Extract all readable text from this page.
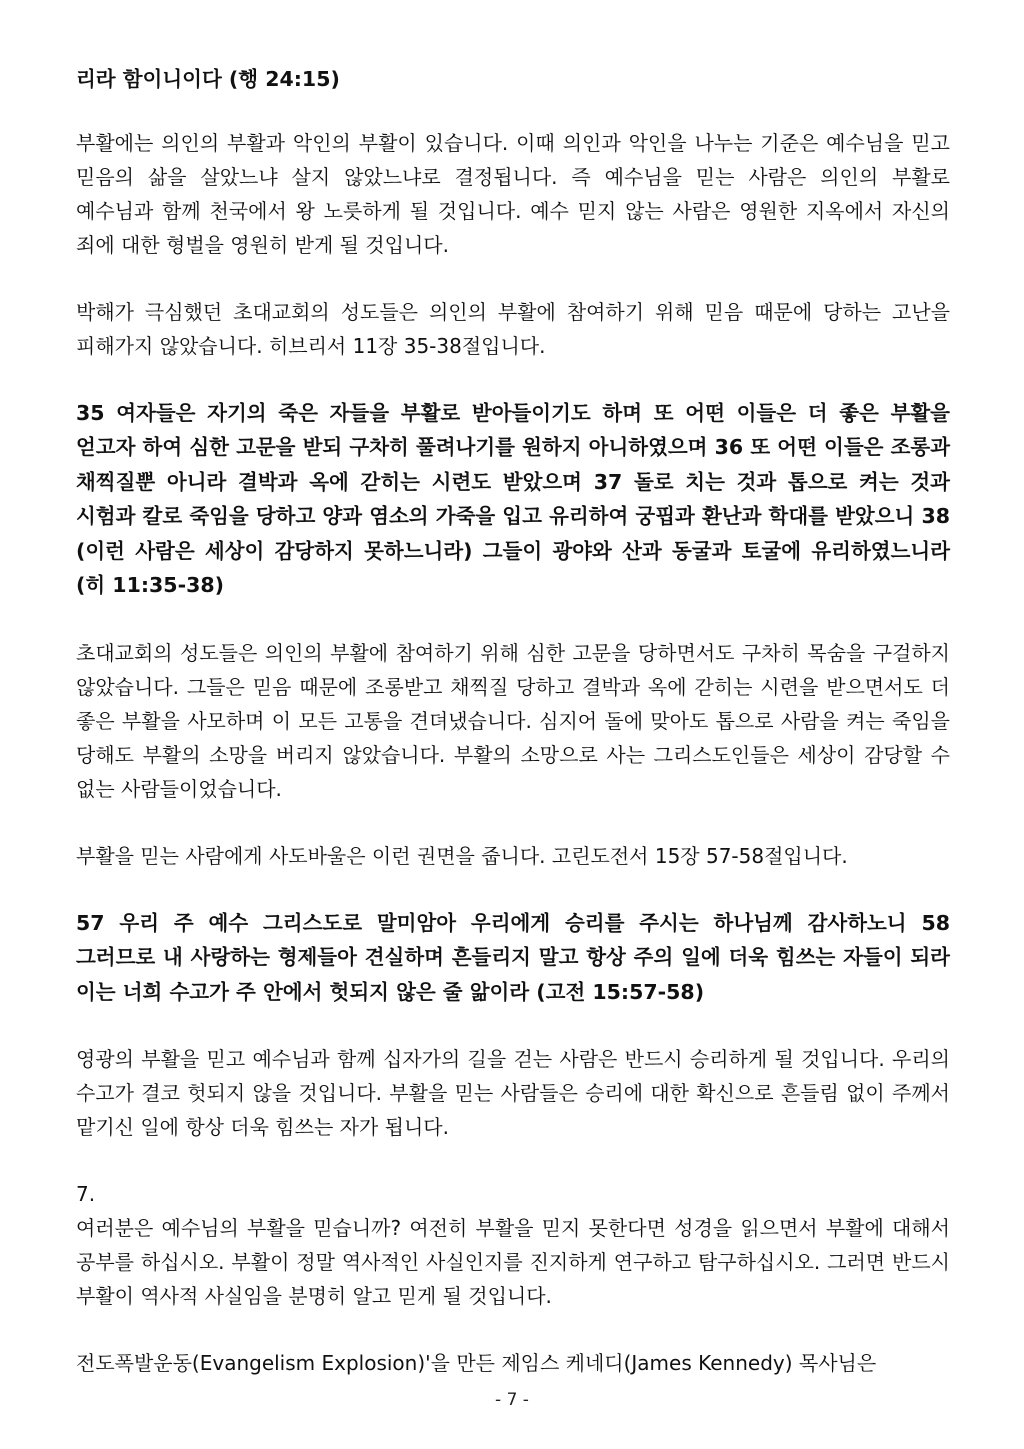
리라 함이니이다 (행 24:15)

부활에는 의인의 부활과 악인의 부활이 있습니다. 이때 의인과 악인을 나누는 기준은 예수님을 믿고 믿음의 삶을 살았느냐 살지 않았느냐로 결정됩니다. 즉 예수님을 믿는 사람은 의인의 부활로 예수님과 함께 천국에서 왕 노릇하게 될 것입니다. 예수 믿지 않는 사람은 영원한 지옥에서 자신의 죄에 대한 형벌을 영원히 받게 될 것입니다.

박해가 극심했던 초대교회의 성도들은 의인의 부활에 참여하기 위해 믿음 때문에 당하는 고난을 피해가지 않았습니다. 히브리서 11장 35-38절입니다.

35 여자들은 자기의 죽은 자들을 부활로 받아들이기도 하며 또 어떤 이들은 더 좋은 부활을 얻고자 하여 심한 고문을 받되 구차히 풀려나기를 원하지 아니하였으며 36 또 어떤 이들은 조롱과 채찍질뿐 아니라 결박과 옥에 갇히는 시련도 받았으며 37 돌로 치는 것과 톱으로 켜는 것과 시험과 칼로 죽임을 당하고 양과 염소의 가죽을 입고 유리하여 궁핍과 환난과 학대를 받았으니 38 (이런 사람은 세상이 감당하지 못하느니라) 그들이 광야와 산과 동굴과 토굴에 유리하였느니라 (히 11:35-38)

초대교회의 성도들은 의인의 부활에 참여하기 위해 심한 고문을 당하면서도 구차히 목숨을 구걸하지 않았습니다. 그들은 믿음 때문에 조롱받고 채찍질 당하고 결박과 옥에 갇히는 시련을 받으면서도 더 좋은 부활을 사모하며 이 모든 고통을 견뎌냈습니다. 심지어 돌에 맞아도 톱으로 사람을 켜는 죽임을 당해도 부활의 소망을 버리지 않았습니다. 부활의 소망으로 사는 그리스도인들은 세상이 감당할 수 없는 사람들이었습니다.

부활을 믿는 사람에게 사도바울은 이런 권면을 줍니다. 고린도전서 15장 57-58절입니다.

57 우리 주 예수 그리스도로 말미암아 우리에게 승리를 주시는 하나님께 감사하노니 58 그러므로 내 사랑하는 형제들아 견실하며 흔들리지 말고 항상 주의 일에 더욱 힘쓰는 자들이 되라 이는 너희 수고가 주 안에서 헛되지 않은 줄 앎이라 (고전 15:57-58)

영광의 부활을 믿고 예수님과 함께 십자가의 길을 걷는 사람은 반드시 승리하게 될 것입니다. 우리의 수고가 결코 헛되지 않을 것입니다. 부활을 믿는 사람들은 승리에 대한 확신으로 흔들림 없이 주께서 맡기신 일에 항상 더욱 힘쓰는 자가 됩니다.

7.

여러분은 예수님의 부활을 믿습니까? 여전히 부활을 믿지 못한다면 성경을 읽으면서 부활에 대해서 공부를 하십시오. 부활이 정말 역사적인 사실인지를 진지하게 연구하고 탐구하십시오. 그러면 반드시 부활이 역사적 사실임을 분명히 알고 믿게 될 것입니다.

전도폭발운동(Evangelism Explosion)'을 만든 제임스 케네디(James Kennedy) 목사님은

- 7 -
